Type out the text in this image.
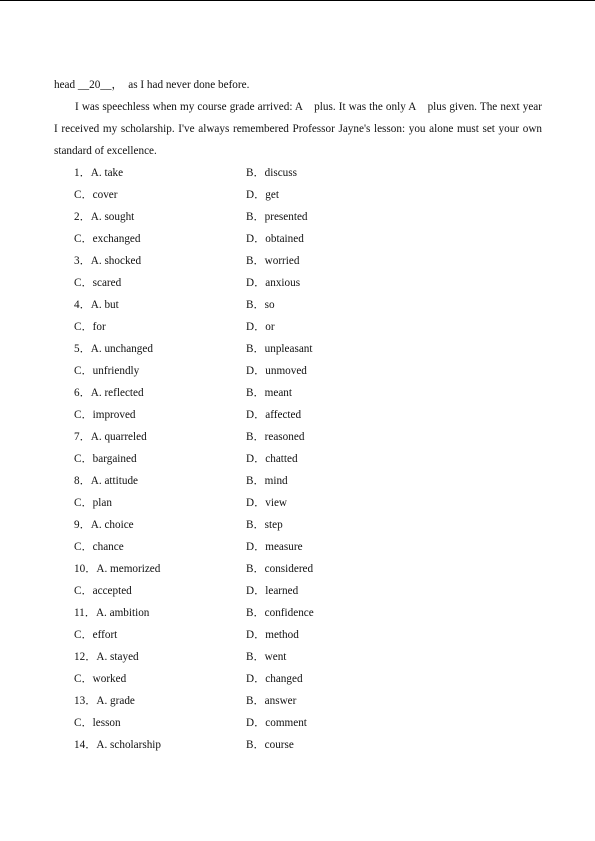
head __20__，　as I had never done before.

I was speechless when my course grade arrived: A　plus. It was the only A　plus given. The next year I received my scholarship. I've always remembered Professor Jayne's lesson: you alone must set your own standard of excellence.

1．A. take	B．discuss
C．cover	D．get
2．A. sought	B．presented
C．exchanged	D．obtained
3．A. shocked	B．worried
C．scared	D．anxious
4．A. but	B．so
C．for	D．or
5．A. unchanged	B．unpleasant
C．unfriendly	D．unmoved
6．A. reflected	B．meant
C．improved	D．affected
7．A. quarreled	B．reasoned
C．bargained	D．chatted
8．A. attitude	B．mind
C．plan	D．view
9．A. choice	B．step
C．chance	D．measure
10．A. memorized	B．considered
C．accepted	D．learned
11．A. ambition	B．confidence
C．effort	D．method
12．A. stayed	B．went
C．worked	D．changed
13．A. grade	B．answer
C．lesson	D．comment
14．A. scholarship	B．course
